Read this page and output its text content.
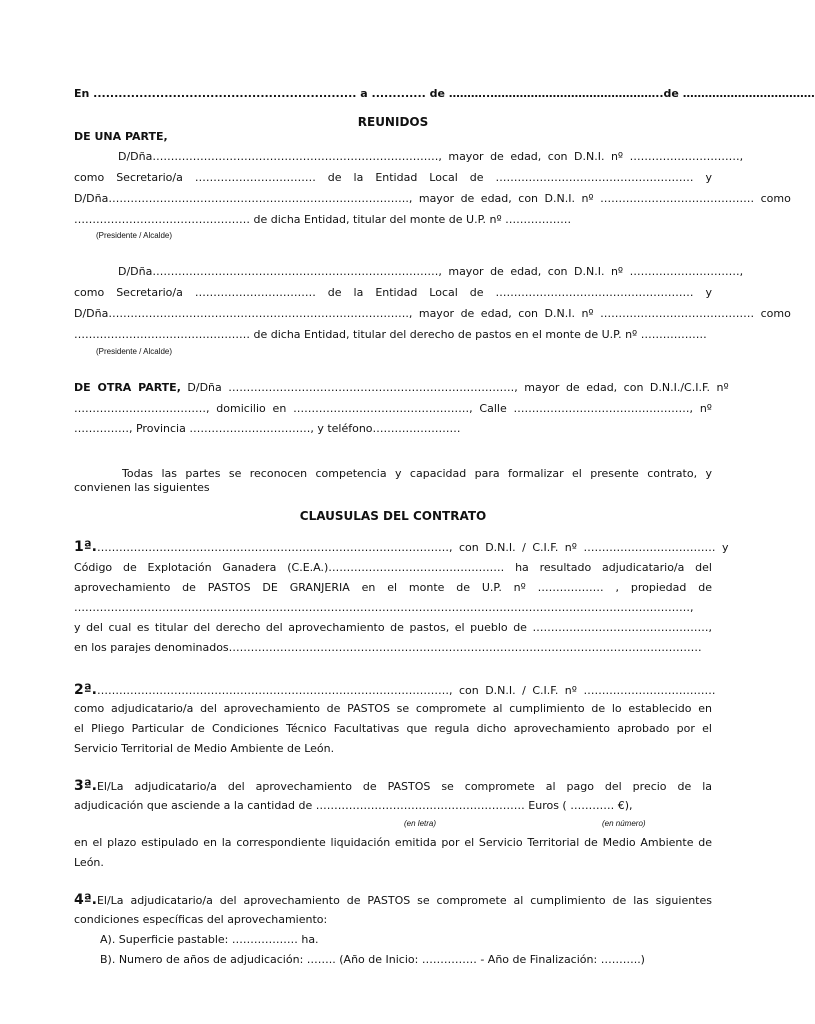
En ............................................................... a ............. de ………..………………………………………..de ………………………………
REUNIDOS
DE UNA PARTE,
D/Dña……………………………………………………………………, mayor de edad, con D.N.I. nº …………………………,
como Secretario/a …………………………… de la Entidad Local de ……………………………………………… y
D/Dña………………………………………………………………………., mayor de edad, con D.N.I. nº …………………………………… como
………………………………………… de dicha Entidad, titular del monte de U.P. nº ………………
(Presidente / Alcalde)
D/Dña……………………………………………………………………, mayor de edad, con D.N.I. nº …………………………,
como Secretario/a …………………………… de la Entidad Local de ……………………………………………… y
D/Dña………………………………………………………………………., mayor de edad, con D.N.I. nº …………………………………… como
………………………………………… de dicha Entidad, titular del derecho de pastos en el monte de U.P. nº ………………
(Presidente / Alcalde)
DE OTRA PARTE, D/Dña ……………………………………………………………………, mayor de edad, con D.N.I./C.I.F. nº
………………………………, domicilio en …………………………………………, Calle …………………………………………, nº
……………, Provincia ……………………………, y teléfono……………………
Todas las partes se reconocen competencia y capacidad para formalizar el presente contrato, y
convienen las siguientes
CLAUSULAS DEL CONTRATO
1ª.……………………………………………………………………………………, con D.N.I. / C.I.F. nº ……………………………… y
Código de Explotación Ganadera (C.E.A.)………………………………………… ha resultado adjudicatario/a del
aprovechamiento de PASTOS DE GRANJERIA en el monte de U.P. nº ……………… , propiedad de
……………………………………………………………………………………………………………………………………………………,
y del cual es titular del derecho del aprovechamiento de pastos, el pueblo de …………………………………………,
en los parajes denominados…………………………………………………………………………………………………………………
2ª.……………………………………………………………………………………, con D.N.I. / C.I.F. nº ………………………………
como adjudicatario/a del aprovechamiento de PASTOS se compromete al cumplimiento de lo establecido en
el Pliego Particular de Condiciones Técnico Facultativas que regula dicho aprovechamiento aprobado por el
Servicio Territorial de Medio Ambiente de León.
3ª.El/La adjudicatario/a del aprovechamiento de PASTOS se compromete al pago del precio de la
adjudicación que asciende a la cantidad de ………………………………………………… Euros ( ………… €),
(en letra)	(en número)
en el plazo estipulado en la correspondiente liquidación emitida por el Servicio Territorial de Medio Ambiente de
León.
4ª.El/La adjudicatario/a del aprovechamiento de PASTOS se compromete al cumplimiento de las siguientes
condiciones específicas del aprovechamiento:
A). Superficie pastable: ……………… ha.
B). Numero de años de adjudicación: …….. (Año de Inicio: …………… - Año de Finalización: ………..)
